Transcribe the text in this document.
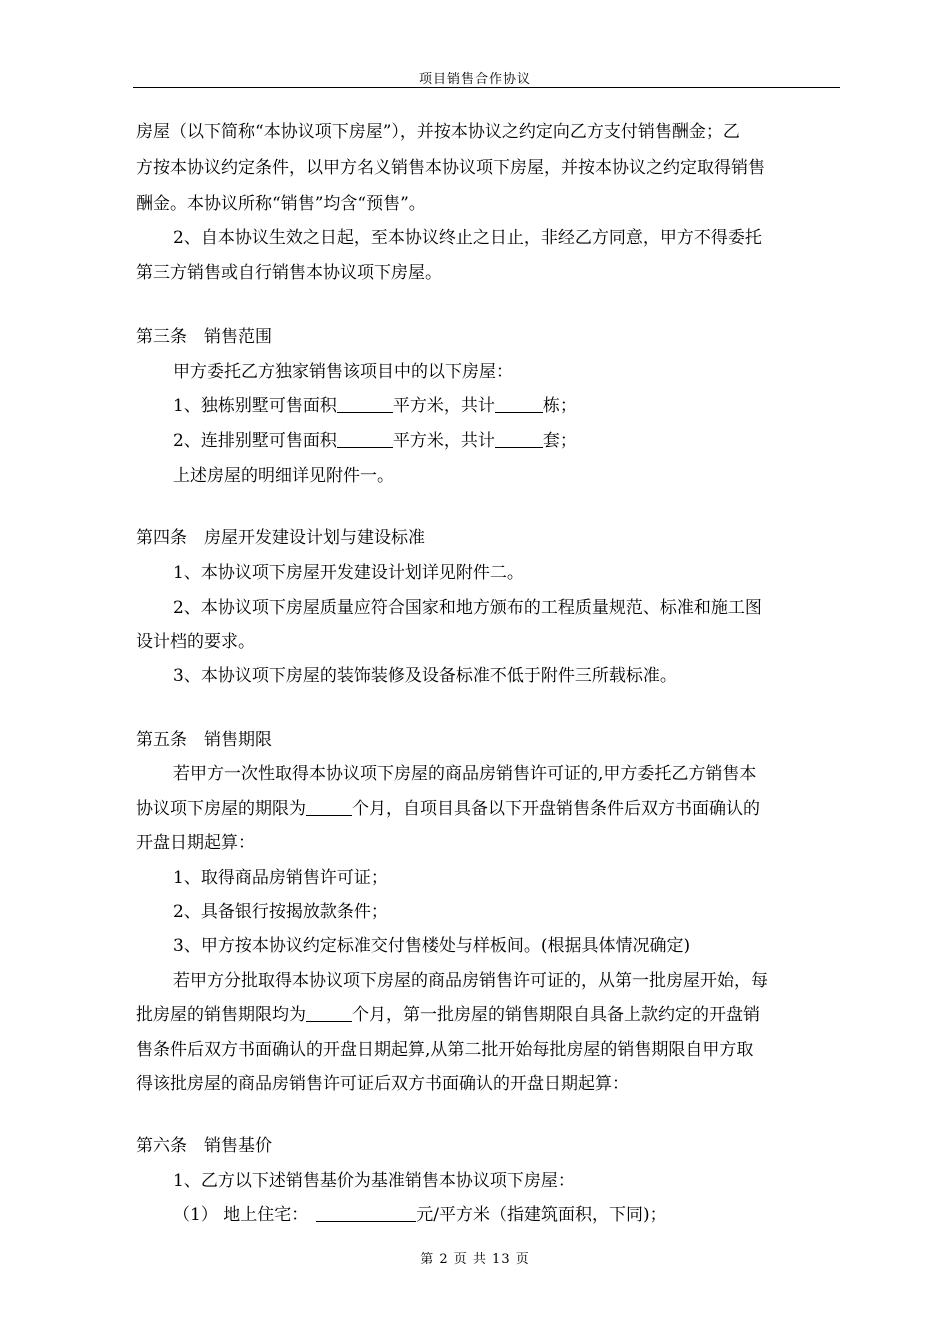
项目销售合作协议
房屋（以下简称“本协议项下房屋”），并按本协议之约定向乙方支付销售酬金；乙
方按本协议约定条件，以甲方名义销售本协议项下房屋，并按本协议之约定取得销售
酬金。本协议所称“销售”均含“预售”。
2、自本协议生效之日起，至本协议终止之日止，非经乙方同意，甲方不得委托
第三方销售或自行销售本协议项下房屋。
第三条　销售范围
甲方委托乙方独家销售该项目中的以下房屋：
1、独栋别墅可售面积	平方米，共计	栋；
2、连排别墅可售面积	平方米，共计	套；
上述房屋的明细详见附件一。
第四条　房屋开发建设计划与建设标准
1、本协议项下房屋开发建设计划详见附件二。
2、本协议项下房屋质量应符合国家和地方颁布的工程质量规范、标准和施工图
设计档的要求。
3、本协议项下房屋的装饰装修及设备标准不低于附件三所载标准。
第五条　销售期限
若甲方一次性取得本协议项下房屋的商品房销售许可证的,甲方委托乙方销售本
协议项下房屋的期限为	个月，自项目具备以下开盘销售条件后双方书面确认的
开盘日期起算：
1、取得商品房销售许可证；
2、具备银行按揭放款条件；
3、甲方按本协议约定标准交付售楼处与样板间。(根据具体情况确定)
若甲方分批取得本协议项下房屋的商品房销售许可证的，从第一批房屋开始，每
批房屋的销售期限均为	个月，第一批房屋的销售期限自具备上款约定的开盘销
售条件后双方书面确认的开盘日期起算,从第二批开始每批房屋的销售期限自甲方取
得该批房屋的商品房销售许可证后双方书面确认的开盘日期起算：
第六条　销售基价
1、乙方以下述销售基价为基准销售本协议项下房屋：
（1） 地上住宅：	元/平方米（指建筑面积，下同)；
第 2 页 共 13 页
